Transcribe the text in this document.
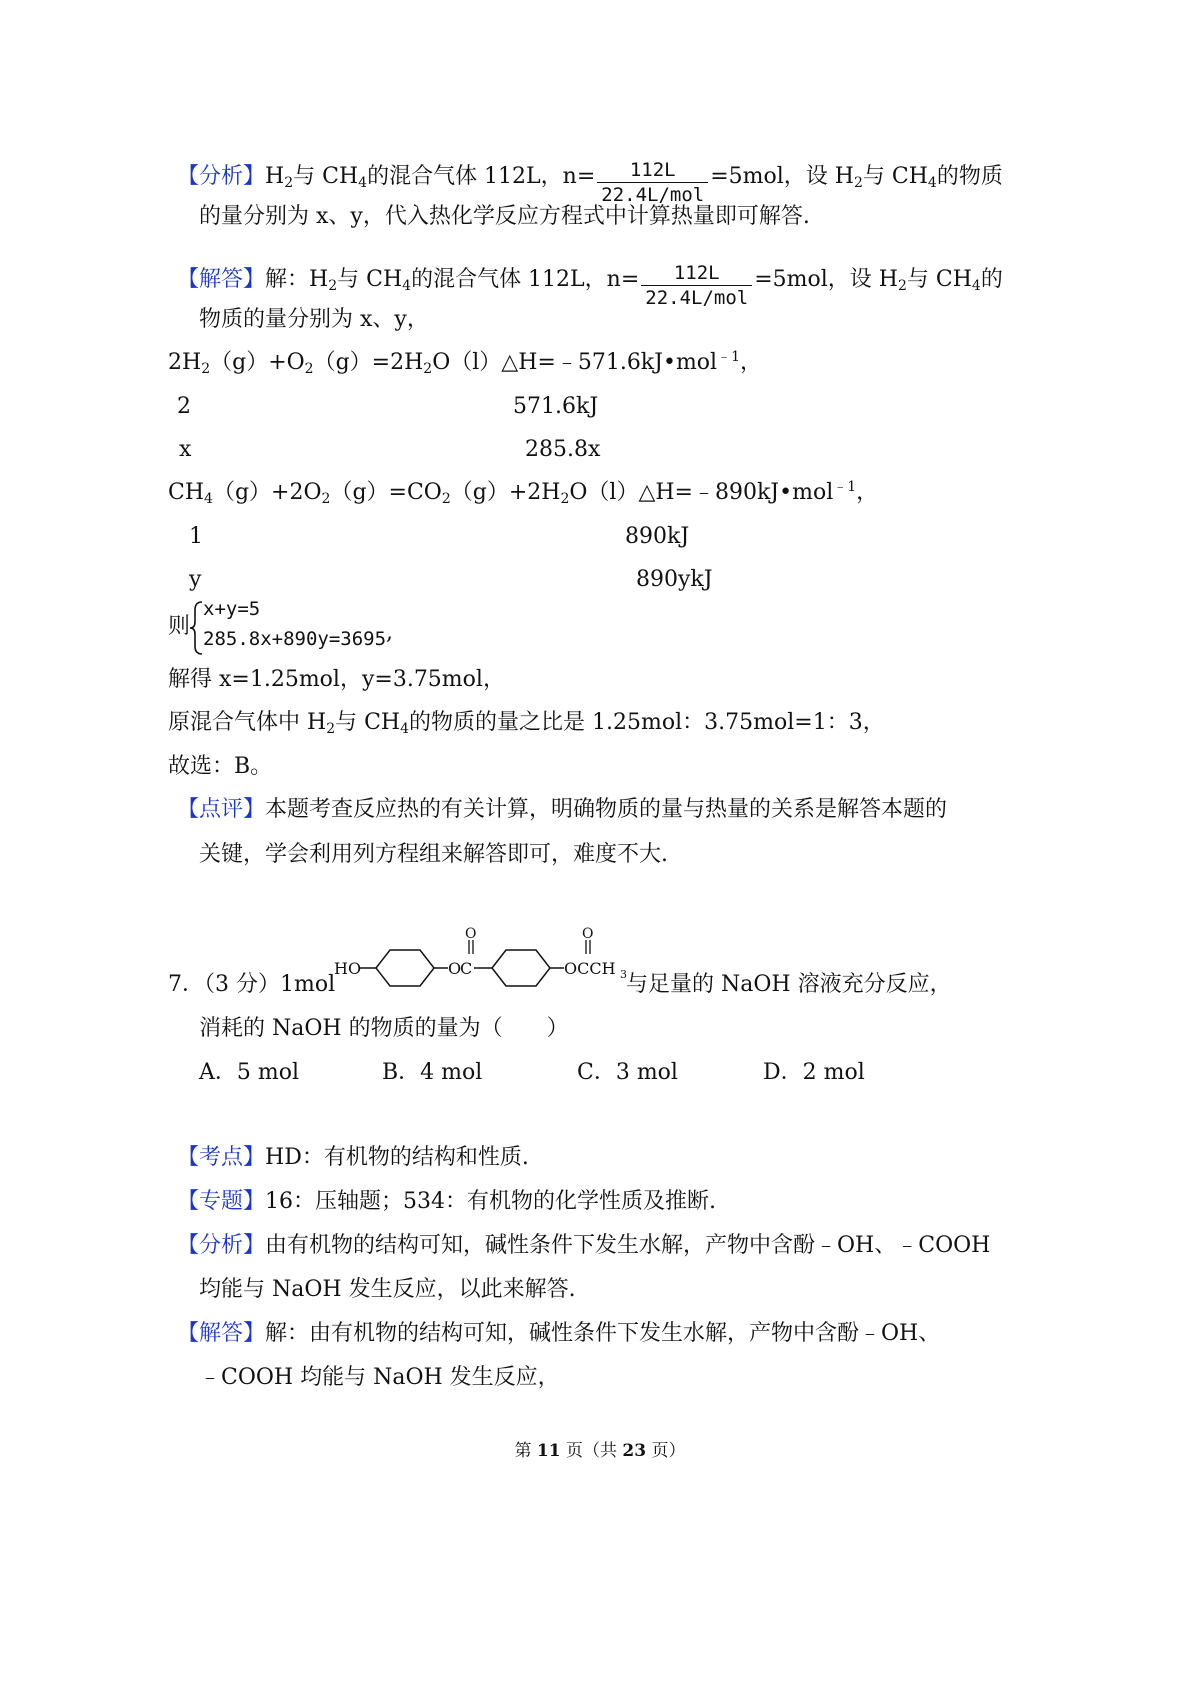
【分析】$H_2$与 $CH_4$的混合气体 112L，$n= \frac{112L}{\text{22.4L/mol}} =5mol$，设 $H_2$与 $CH_4$的物质
的量分别为 x、y，代入热化学反应方程式中计算热量即可解答.
【解答】解：$H_2$与 $CH_4$的混合气体 112L，$n= \frac{112L}{\text{22.4L/mol}} =5mol$，设 $H_2$与 $CH_4$的
物质的量分别为 x、y，
$2H_2(g)+O_2(g)=2H_2O(l)\triangle H=﹣571.6kJ•mol^{﹣1}$，
2	571.6kJ
x	285.8x
$CH_4(g)+2O_2(g)=CO_2(g)+2H_2O(l)\triangle H=﹣890kJ•mol^{﹣1}$，
1	890kJ
y	890ykJ
则
x+y=5
285.8x+890y=3695 ,
解得 x=1.25mol，y=3.75mol，
原混合气体中 $H_2$与 $CH_4$的物质的量之比是 1.25mol：3.75mol=1：3，
故选：B。
【点评】本题考查反应热的有关计算，明确物质的量与热量的关系是解答本题的
关键，学会利用列方程组来解答即可，难度不大.
7．（3 分）1mol
HO	O
C
O
OCCH 3
O
与足量的 NaOH 溶液充分反应，
消耗的 NaOH 的物质的量为（　　）
A．5 mol	B．4 mol	C．3 mol	D．2 mol
【考点】HD：有机物的结构和性质.
【专题】16：压轴题；534：有机物的化学性质及推断.
【分析】由有机物的结构可知，碱性条件下发生水解，产物中含酚﹣OH、﹣COOH
均能与 NaOH 发生反应，以此来解答.
【解答】解：由有机物的结构可知，碱性条件下发生水解，产物中含酚﹣OH、
﹣COOH 均能与 NaOH 发生反应，
第 11 页（共 23 页）
